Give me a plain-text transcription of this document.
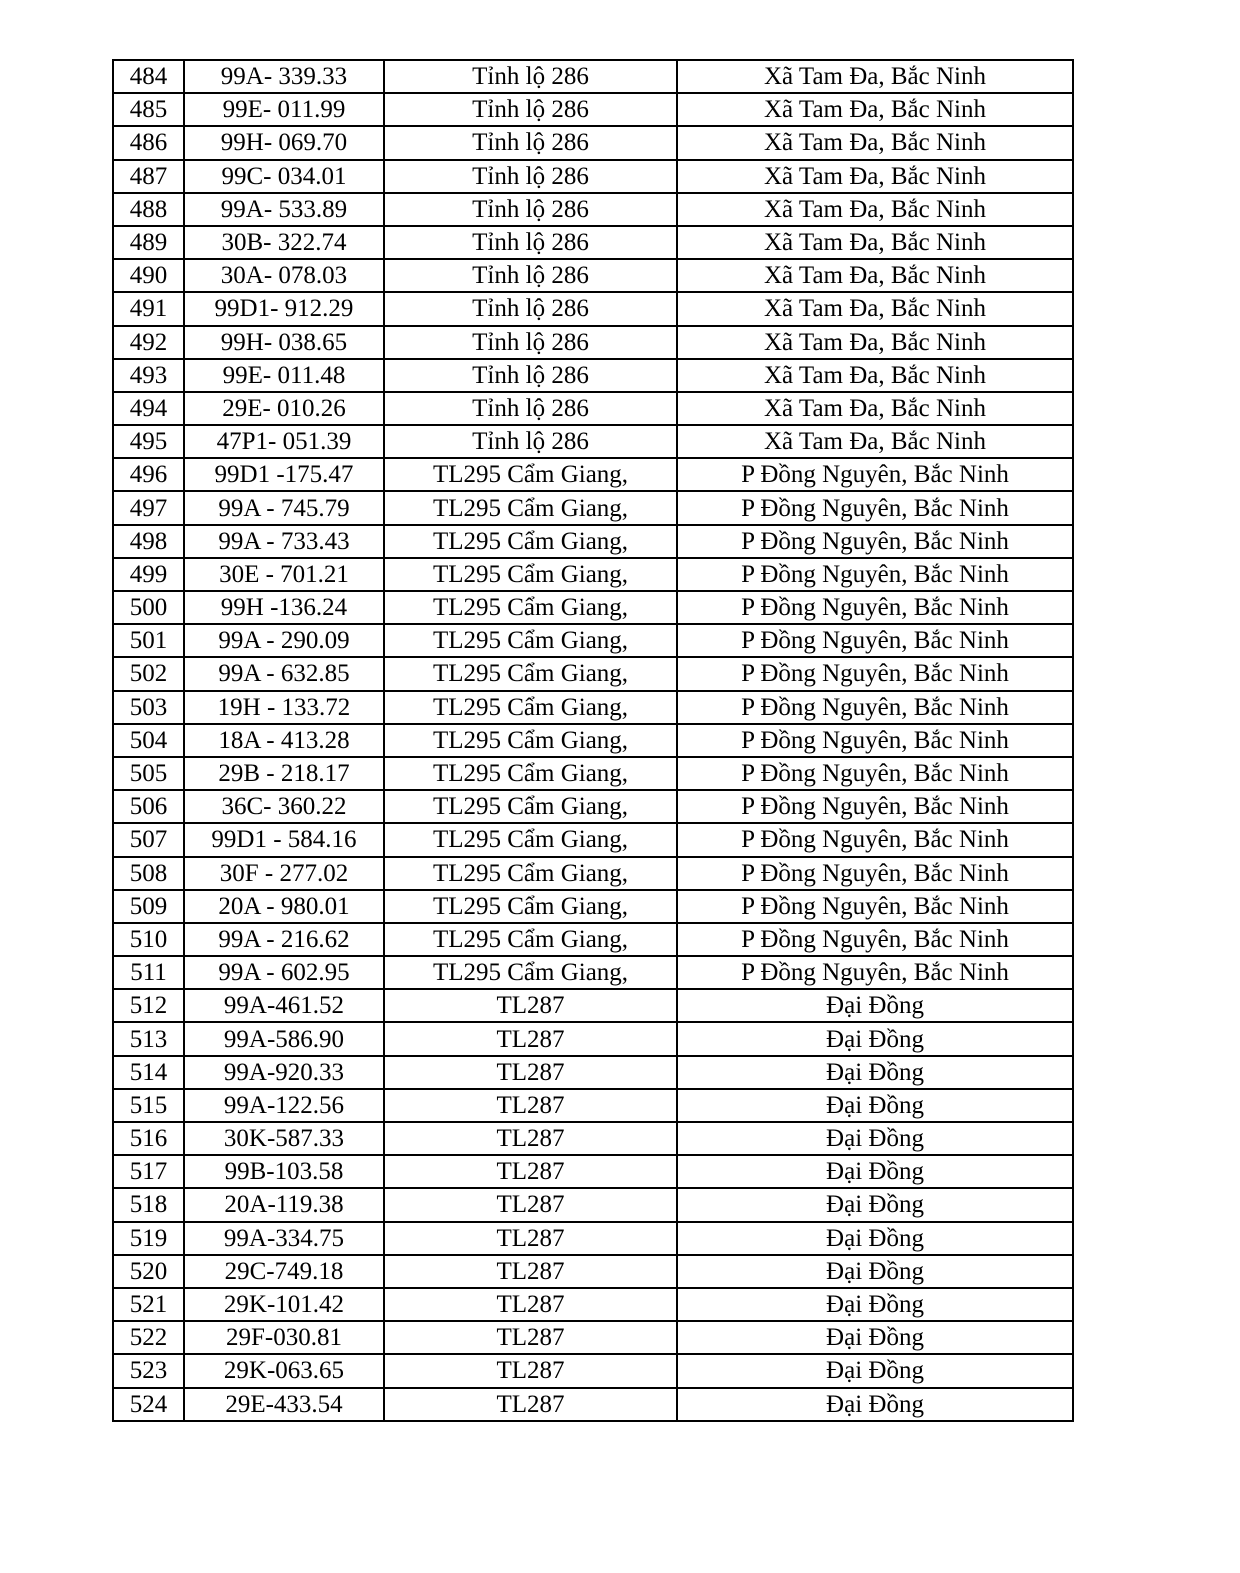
484	99A- 339.33	Tỉnh lộ 286	Xã Tam Đa, Bắc Ninh
485	99E- 011.99	Tỉnh lộ 286	Xã Tam Đa, Bắc Ninh
486	99H- 069.70	Tỉnh lộ 286	Xã Tam Đa, Bắc Ninh
487	99C- 034.01	Tỉnh lộ 286	Xã Tam Đa, Bắc Ninh
488	99A- 533.89	Tỉnh lộ 286	Xã Tam Đa, Bắc Ninh
489	30B- 322.74	Tỉnh lộ 286	Xã Tam Đa, Bắc Ninh
490	30A- 078.03	Tỉnh lộ 286	Xã Tam Đa, Bắc Ninh
491	99D1- 912.29	Tỉnh lộ 286	Xã Tam Đa, Bắc Ninh
492	99H- 038.65	Tỉnh lộ 286	Xã Tam Đa, Bắc Ninh
493	99E- 011.48	Tỉnh lộ 286	Xã Tam Đa, Bắc Ninh
494	29E- 010.26	Tỉnh lộ 286	Xã Tam Đa, Bắc Ninh
495	47P1- 051.39	Tỉnh lộ 286	Xã Tam Đa, Bắc Ninh
496	99D1 -175.47	TL295 Cẩm Giang,	P Đồng Nguyên, Bắc Ninh
497	99A - 745.79	TL295 Cẩm Giang,	P Đồng Nguyên, Bắc Ninh
498	99A - 733.43	TL295 Cẩm Giang,	P Đồng Nguyên, Bắc Ninh
499	30E - 701.21	TL295 Cẩm Giang,	P Đồng Nguyên, Bắc Ninh
500	99H -136.24	TL295 Cẩm Giang,	P Đồng Nguyên, Bắc Ninh
501	99A - 290.09	TL295 Cẩm Giang,	P Đồng Nguyên, Bắc Ninh
502	99A - 632.85	TL295 Cẩm Giang,	P Đồng Nguyên, Bắc Ninh
503	19H - 133.72	TL295 Cẩm Giang,	P Đồng Nguyên, Bắc Ninh
504	18A - 413.28	TL295 Cẩm Giang,	P Đồng Nguyên, Bắc Ninh
505	29B - 218.17	TL295 Cẩm Giang,	P Đồng Nguyên, Bắc Ninh
506	36C- 360.22	TL295 Cẩm Giang,	P Đồng Nguyên, Bắc Ninh
507	99D1 - 584.16	TL295 Cẩm Giang,	P Đồng Nguyên, Bắc Ninh
508	30F - 277.02	TL295 Cẩm Giang,	P Đồng Nguyên, Bắc Ninh
509	20A - 980.01	TL295 Cẩm Giang,	P Đồng Nguyên, Bắc Ninh
510	99A - 216.62	TL295 Cẩm Giang,	P Đồng Nguyên, Bắc Ninh
511	99A - 602.95	TL295 Cẩm Giang,	P Đồng Nguyên, Bắc Ninh
512	99A-461.52	TL287	Đại Đồng
513	99A-586.90	TL287	Đại Đồng
514	99A-920.33	TL287	Đại Đồng
515	99A-122.56	TL287	Đại Đồng
516	30K-587.33	TL287	Đại Đồng
517	99B-103.58	TL287	Đại Đồng
518	20A-119.38	TL287	Đại Đồng
519	99A-334.75	TL287	Đại Đồng
520	29C-749.18	TL287	Đại Đồng
521	29K-101.42	TL287	Đại Đồng
522	29F-030.81	TL287	Đại Đồng
523	29K-063.65	TL287	Đại Đồng
524	29E-433.54	TL287	Đại Đồng
